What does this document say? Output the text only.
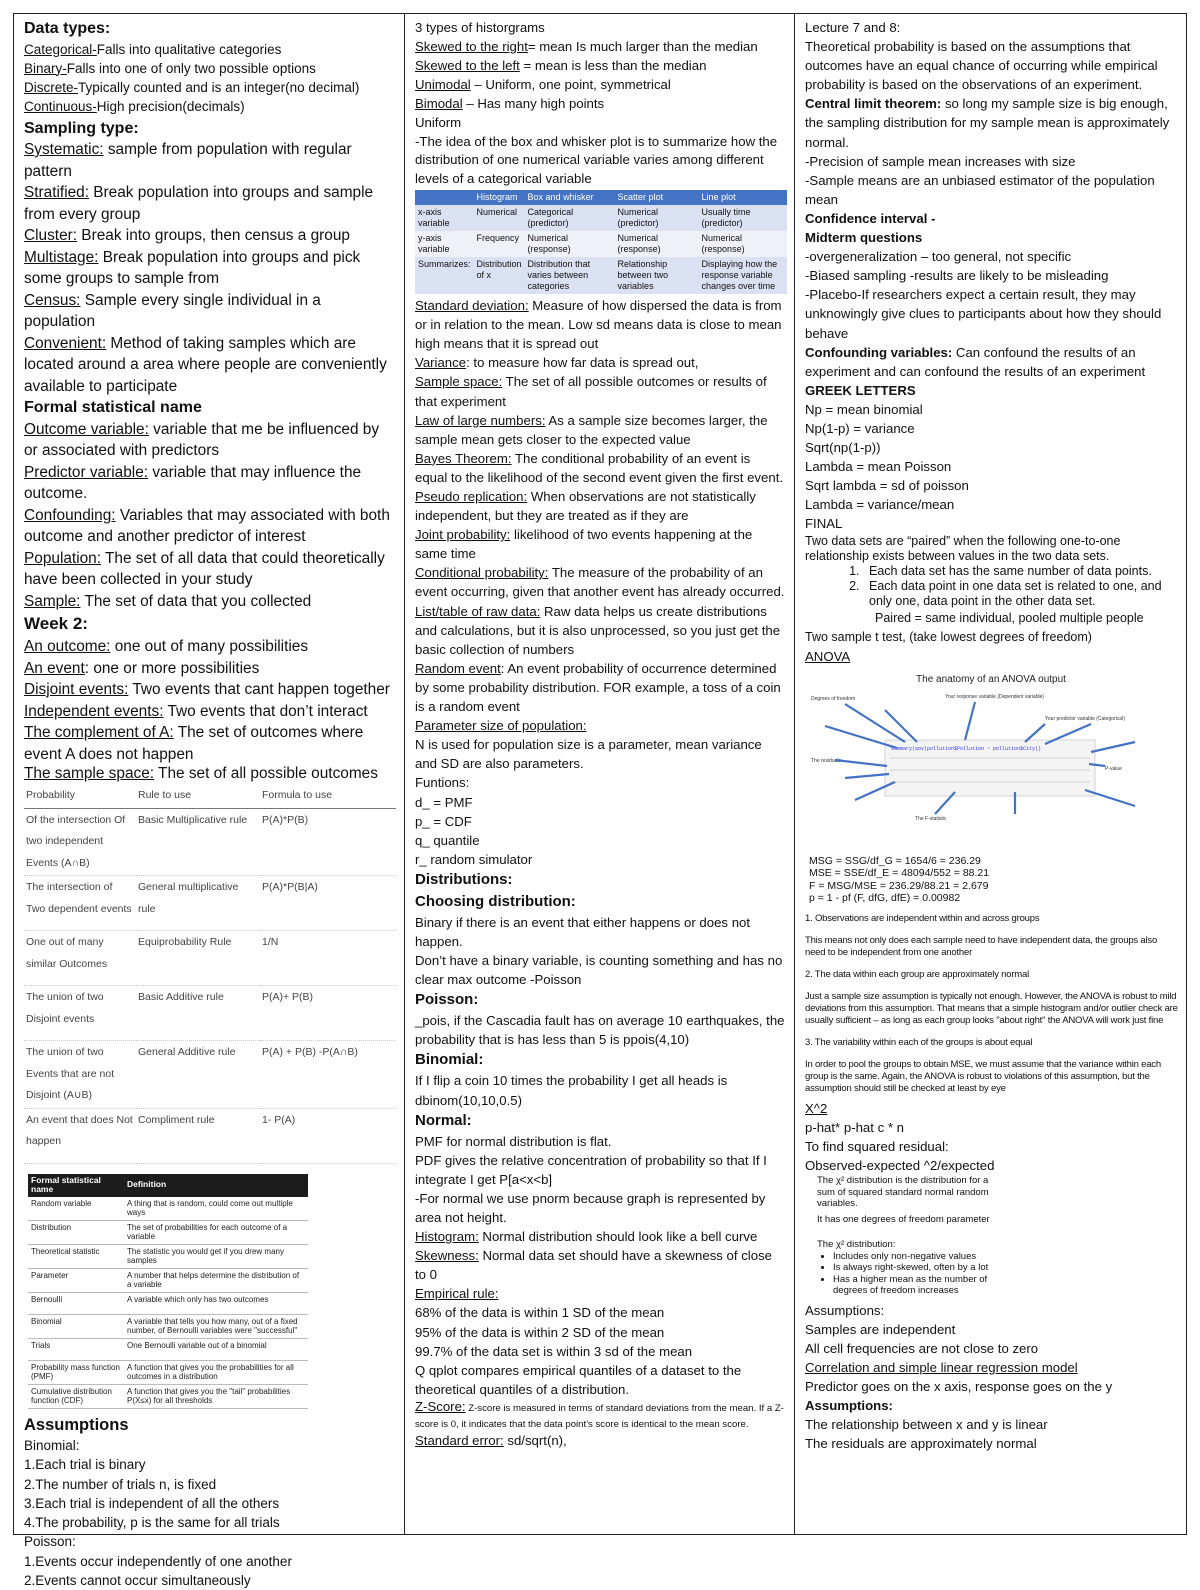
Data types:

Categorical-Falls into qualitative categories

Binary-Falls into one of only two possible options

Discrete-Typically counted and is an integer(no decimal)

Continuous-High precision(decimals)

Sampling type:

Systematic: sample from population with regular pattern

Stratified: Break population into groups and sample from every group

Cluster: Break into groups, then census a group

Multistage: Break population into groups and pick some groups to sample from

Census: Sample every single individual in a population

Convenient: Method of taking samples which are located around a area where people are conveniently available to participate

Formal statistical name

Outcome variable: variable that me be influenced by or associated with predictors

Predictor variable: variable that may influence the outcome.

Confounding: Variables that may associated with both outcome and another predictor of interest

Population: The set of all data that could theoretically have been collected in your study

Sample: The set of data that you collected

Week 2:

An outcome: one out of many possibilities

An event: one or more possibilities

Disjoint events: Two events that cant happen together

Independent events: Two events that don’t interact

The complement of A: The set of outcomes where event A does not happen

The sample space: The set of all possible outcomes

Probability	Rule to use	Formula to use
Of the intersection Of two independent Events (A∩B)	Basic Multiplicative rule	P(A)*P(B)
The intersection of Two dependent events	General multiplicative rule	P(A)*P(B|A)
One out of many similar Outcomes	Equiprobability Rule	1/N
The union of two Disjoint events	Basic Additive rule	P(A)+ P(B)
The union of two Events that are not Disjoint (A∪B)	General Additive rule	P(A) + P(B) -P(A∩B)
An event that does Not happen	Compliment rule	1- P(A)
Formal statistical name	Definition
Random variable	A thing that is random, could come out multiple ways
Distribution	The set of probabilities for each outcome of a variable
Theoretical statistic	The statistic you would get if you drew many samples
Parameter	A number that helps determine the distribution of a variable
Bernoulli	A variable which only has two outcomes
Binomial	A variable that tells you how many, out of a fixed number, of Bernoulli variables were "successful"
Trials	One Bernoulli variable out of a binomial
Probability mass function (PMF)	A function that gives you the probabilities for all outcomes in a distribution
Cumulative distribution function (CDF)	A function that gives you the "tail" probabilities P(X≤x) for all thresholds

Assumptions

Binomial:

1.Each trial is binary

2.The number of trials n, is fixed

3.Each trial is independent of all the others

4.The probability, p is the same for all trials

Poisson:

1.Events occur independently of one another

2.Events cannot occur simultaneously

3 types of historgrams

Skewed to the right= mean Is much larger than the median

Skewed to the left = mean is less than the median

Unimodal – Uniform, one point, symmetrical

Bimodal – Has many high points

Uniform

-The idea of the box and whisker plot is to summarize how the distribution of one numerical variable varies among different levels of a categorical variable

	Histogram	Box and whisker	Scatter plot	Line plot
x-axis variable	Numerical	Categorical (predictor)	Numerical (predictor)	Usually time (predictor)
y-axis variable	Frequency	Numerical (response)	Numerical (response)	Numerical (response)
Summarizes:	Distribution of x	Distribution that varies between categories	Relationship between two variables	Displaying how the response variable changes over time

Standard deviation: Measure of how dispersed the data is from or in relation to the mean. Low sd means data is close to mean high means that it is spread out

Variance: to measure how far data is spread out,

Sample space: The set of all possible outcomes or results of that experiment

Law of large numbers: As a sample size becomes larger, the sample mean gets closer to the expected value

Bayes Theorem: The conditional probability of an event is equal to the likelihood of the second event given the first event.

Pseudo replication: When observations are not statistically independent, but they are treated as if they are

Joint probability: likelihood of two events happening at the same time

Conditional probability: The measure of the probability of an event occurring, given that another event has already occurred.

List/table of raw data: Raw data helps us create distributions and calculations, but it is also unprocessed, so you just get the basic collection of numbers

Random event: An event probability of occurrence determined by some probability distribution. FOR example, a toss of a coin is a random event

Parameter size of population:

N is used for population size is a parameter, mean variance and SD are also parameters.

Funtions:

d_ = PMF

p_ = CDF

q_ quantile

r_ random simulator

Distributions:

Choosing distribution:

Binary if there is an event that either happens or does not happen.

Don’t have a binary variable, is counting something and has no clear max outcome -Poisson

Poisson:

_pois, if the Cascadia fault has on average 10 earthquakes, the probability that is has less than 5 is ppois(4,10)

Binomial:

If I flip a coin 10 times the probability I get all heads is dbinom(10,10,0.5)

Normal:

PMF for normal distribution is flat.

PDF gives the relative concentration of probability so that If I integrate I get P[a<x<b]

-For normal we use pnorm because graph is represented by area not height.

Histogram: Normal distribution should look like a bell curve

Skewness: Normal data set should have a skewness of close to 0

Empirical rule:

68% of the data is within 1 SD of the mean

95% of the data is within 2 SD of the mean

99.7% of the data set is within 3 sd of the mean

Q qplot compares empirical quantiles of a dataset to the theoretical quantiles of a distribution.

Z-Score: Z-score is measured in terms of standard deviations from the mean. If a Z-score is 0, it indicates that the data point's score is identical to the mean score.

Standard error: sd/sqrt(n),

Lecture 7 and 8:

Theoretical probability is based on the assumptions that outcomes have an equal chance of occurring while empirical probability is based on the observations of an experiment.

Central limit theorem: so long my sample size is big enough, the sampling distribution for my sample mean is approximately normal.

-Precision of sample mean increases with size

-Sample means are an unbiased estimator of the population mean

Confidence interval -

Midterm questions

-overgeneralization – too general, not specific

-Biased sampling -results are likely to be misleading

-Placebo-If researchers expect a certain result, they may unknowingly give clues to participants about how they should behave

Confounding variables: Can confound the results of an experiment and can confound the results of an experiment

GREEK LETTERS

Np = mean binomial

Np(1-p) = variance

Sqrt(np(1-p))

Lambda = mean Poisson

Sqrt lambda = sd of poisson

Lambda = variance/mean

FINAL

Two data sets are “paired” when the following one-to-one relationship exists between values in the two data sets.

1. Each data set has the same number of data points.
2. Each data point in one data set is related to one, and only one, data point in the other data set.

Paired = same individual, pooled multiple people

Two sample t test, (take lowest degrees of freedom)

ANOVA

The anatomy of an ANOVA output
summary(aov(pollution$Pollution ~ pollution$City))
Degrees of freedom	Your response variable (Dependent variable)
Your predictor variable (Categorical)
The residuals
The F-statistic
P-value

MSG = SSG/df_G = 1654/6 = 236.29

MSE = SSE/df_E = 48094/552 = 88.21

F = MSG/MSE = 236.29/88.21 = 2.679

p = 1 - pf (F, dfG, dfE) = 0.00982

1. Observations are independent within and across groups

This means not only does each sample need to have independent data, the groups also need to be independent from one another

2. The data within each group are approximately normal

Just a sample size assumption is typically not enough. However, the ANOVA is robust to mild deviations from this assumption. That means that a simple histogram and/or outlier check are usually sufficient – as long as each group looks "about right" the ANOVA will work just fine

3. The variability within each of the groups is about equal

In order to pool the groups to obtain MSE, we must assume that the variance within each group is the same. Again, the ANOVA is robust to violations of this assumption, but the assumption should still be checked at least by eye

X^2

p-hat* p-hat c * n

To find squared residual:

Observed-expected ^2/expected

The χ² distribution is the distribution for a sum of squared standard normal random variables.

It has one degrees of freedom parameter

The χ² distribution:

• Includes only non-negative values
• Is always right-skewed, often by a lot
• Has a higher mean as the number of degrees of freedom increases

Assumptions:

Samples are independent

All cell frequencies are not close to zero

Correlation and simple linear regression model

Predictor goes on the x axis, response goes on the y

Assumptions:

The relationship between x and y is linear

The residuals are approximately normal
